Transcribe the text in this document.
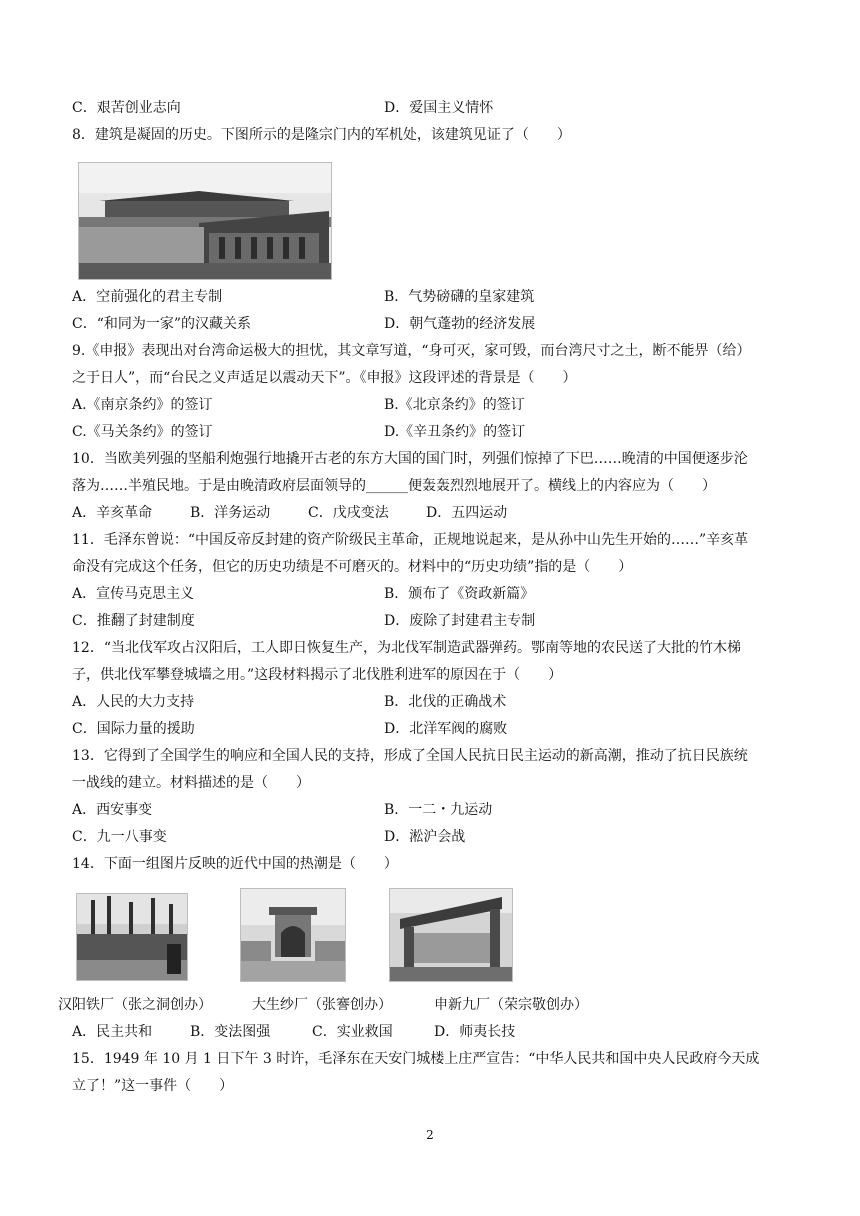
C．艰苦创业志向	D．爱国主义情怀
8．建筑是凝固的历史。下图所示的是隆宗门内的军机处，该建筑见证了（　　）
A．空前强化的君主专制	B．气势磅礴的皇家建筑
C．“和同为一家”的汉藏关系	D．朝气蓬勃的经济发展
9.《申报》表现出对台湾命运极大的担忧，其文章写道，“身可灭，家可毁，而台湾尺寸之土，断不能畀（给）
之于日人”，而“台民之义声适足以震动天下”。《申报》这段评述的背景是（　　）
A.《南京条约》的签订	B.《北京条约》的签订
C.《马关条约》的签订	D.《辛丑条约》的签订
10．当欧美列强的坚船利炮强行地撬开古老的东方大国的国门时，列强们惊掉了下巴……晚清的中国便逐步沦
落为……半殖民地。于是由晚清政府层面领导的______便轰轰烈烈地展开了。横线上的内容应为（　　）
A．辛亥革命	B．洋务运动	C．戊戌变法	D．五四运动
11．毛泽东曾说：“中国反帝反封建的资产阶级民主革命，正规地说起来，是从孙中山先生开始的……”辛亥革
命没有完成这个任务，但它的历史功绩是不可磨灭的。材料中的“历史功绩”指的是（　　）
A．宣传马克思主义	B．颁布了《资政新篇》
C．推翻了封建制度	D．废除了封建君主专制
12．“当北伐军攻占汉阳后，工人即日恢复生产，为北伐军制造武器弹药。鄂南等地的农民送了大批的竹木梯
子，供北伐军攀登城墙之用。”这段材料揭示了北伐胜利进军的原因在于（　　）
A．人民的大力支持	B．北伐的正确战术
C．国际力量的援助	D．北洋军阀的腐败
13．它得到了全国学生的响应和全国人民的支持，形成了全国人民抗日民主运动的新高潮，推动了抗日民族统
一战线的建立。材料描述的是（　　）
A．西安事变	B．一二・九运动
C．九一八事变	D．淞沪会战
14．下面一组图片反映的近代中国的热潮是（　　）
汉阳铁厂（张之洞创办）	大生纱厂（张謇创办）	申新九厂（荣宗敬创办）
A．民主共和	B．变法图强	C．实业救国	D．师夷长技
15．1949 年 10 月 1 日下午 3 时许，毛泽东在天安门城楼上庄严宣告：“中华人民共和国中央人民政府今天成
立了！”这一事件（　　）
2
